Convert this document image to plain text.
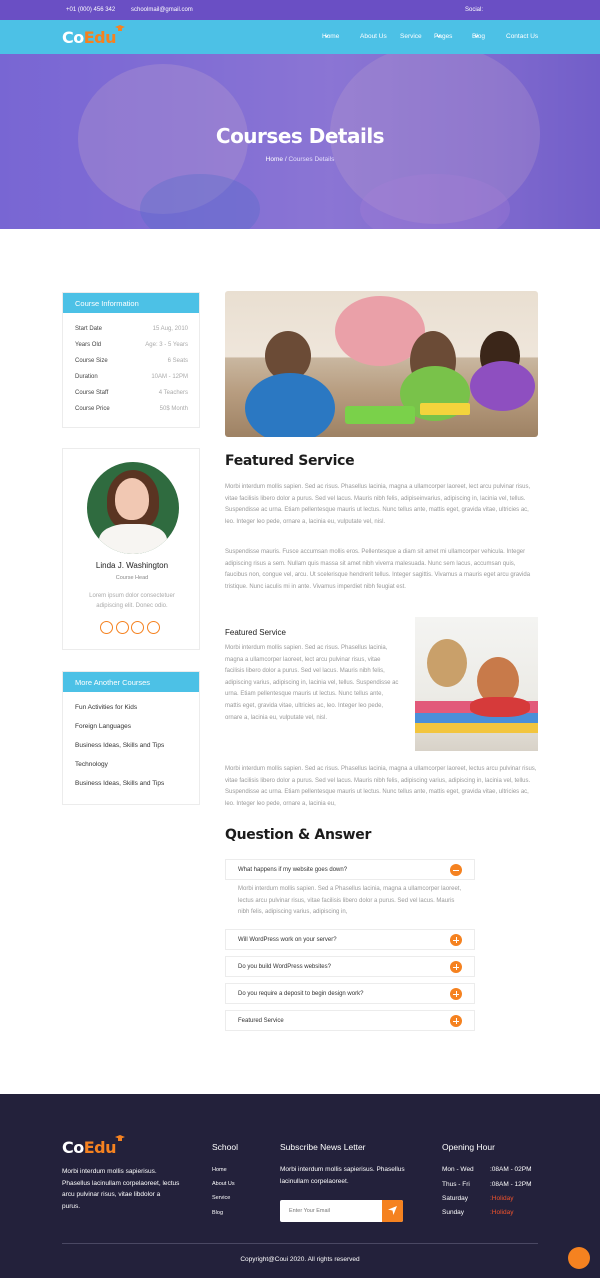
+01 (000) 456 342	schoolmail@gmail.com	Social:
CoEdu	Home	About Us Service Pages	Blog	Contact Us
Courses Details
Home / Courses Details
Course Information
Start Date	15 Aug, 2010
Years Old	Age: 3 - 5 Years
Course Size	6 Seats
Duration	10AM - 12PM
Course Staff	4 Teachers
Course Price	50$ Month
Linda J. Washington
Course Head
Lorem ipsum dolor consectetuer adipiscing elit. Donec odio.
More Another Courses
Fun Activities for Kids
Foreign Languages
Business Ideas, Skills and Tips
Technology
Business Ideas, Skills and Tips
Featured Service
Morbi interdum mollis sapien. Sed ac risus. Phasellus lacinia, magna a ullamcorper laoreet, lect arcu pulvinar risus, vitae facilisis libero dolor a purus. Sed vel lacus. Mauris nibh felis, adipiseinvarius, adipiscing in, lacinia vel, tellus. Suspendisse ac urna. Etiam pellentesque mauris ut lectus. Nunc tellus ante, mattis eget, gravida vitae, ultricies ac, leo. Integer leo pede, ornare a, lacinia eu, vulputate vel, nisl.
Suspendisse mauris. Fusce accumsan mollis eros. Pellentesque a diam sit amet mi ullamcorper vehicula. Integer adipiscing risus a sem. Nullam quis massa sit amet nibh viverra malesuada. Nunc sem lacus, accumsan quis, faucibus non, congue vel, arcu. Ut scelerisque hendrerit tellus. Integer sagittis. Vivamus a mauris eget arcu gravida tristique. Nunc iaculis mi in ante. Vivamus imperdiet nibh feugiat est.
Featured Service
Morbi interdum mollis sapien. Sed ac risus. Phasellus lacinia, magna a ullamcorper laoreet, lect arcu pulvinar risus, vitae facilisis libero dolor a purus. Sed vel lacus. Mauris nibh felis, adipiscing varius, adipiscing in, lacinia vel, tellus. Suspendisse ac urna. Etiam pellentesque mauris ut lectus. Nunc tellus ante, mattis eget, gravida vitae, ultricies ac, leo. Integer leo pede, ornare a, lacinia eu, vulputate vel, nisl.
Morbi interdum mollis sapien. Sed ac risus. Phasellus lacinia, magna a ullamcorper laoreet, lectus arcu pulvinar risus, vitae facilisis libero dolor a purus. Sed vel lacus. Mauris nibh felis, adipiscing varius, adipiscing in, lacinia vel, tellus. Suspendisse ac urna. Etiam pellentesque mauris ut lectus. Nunc tellus ante, mattis eget, gravida vitae, ultricies ac, leo. Integer leo pede, ornare a, lacinia eu,
Question & Answer
What happens if my website goes down?
Morbi interdum mollis sapien. Sed a Phasellus lacinia, magna a ullamcorper laoreet, lectus arcu pulvinar risus, vitae facilisis libero dolor a purus. Sed vel lacus. Mauris nibh felis, adipiscing varius, adipiscing in,
Will WordPress work on your server?
Do you build WordPress websites?
Do you require a deposit to begin design work?
Featured Service
CoEdu
Morbi interdum mollis sapierisus. Phasellus lacinullam corpelaoreet, lectus arcu pulvinar risus, vitae libdolor a purus.
School
Home
About Us
Service
Blog
Subscribe News Letter
Morbi interdum mollis sapierisus. Phasellus lacinullam corpelaoreet.
Enter Your Email
Opening Hour
Mon - Wed	:08AM - 02PM
Thus - Fri	:08AM - 12PM
Saturday	:Holiday
Sunday	:Holiday
Copyright@Coui 2020. All rights reserved
